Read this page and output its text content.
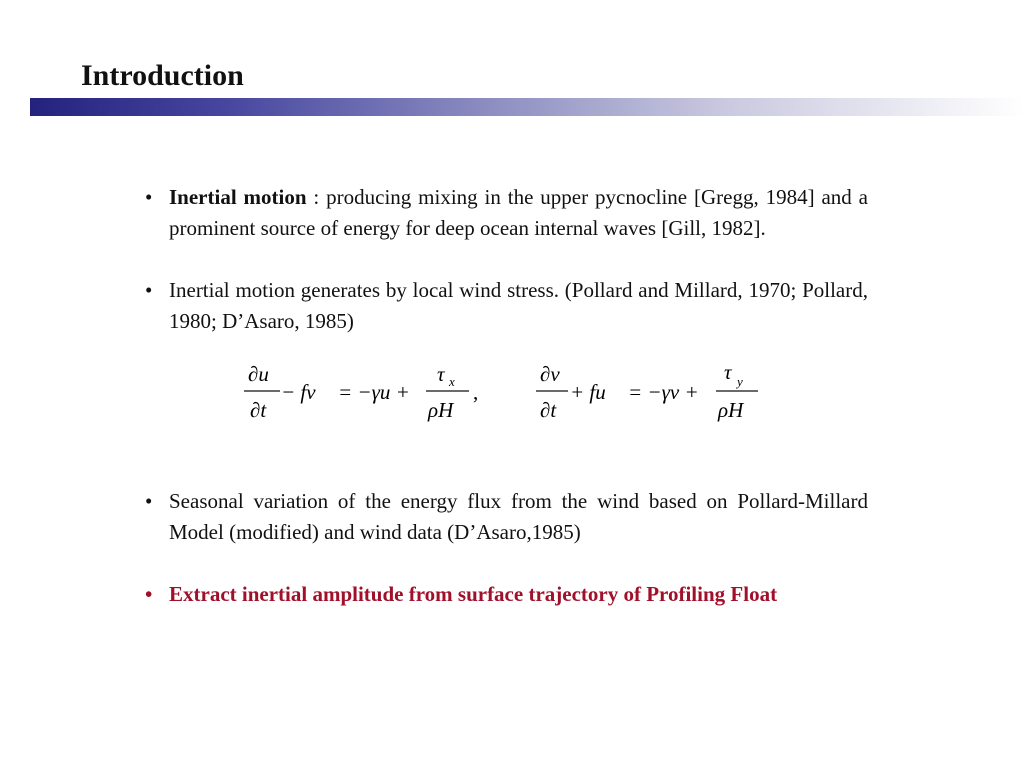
Introduction
• Inertial motion : producing mixing in the upper pycnocline [Gregg, 1984] and a prominent source of energy for deep ocean internal waves [Gill, 1982].
• Inertial motion generates by local wind stress. (Pollard and Millard, 1970; Pollard, 1980; D’Asaro, 1985)
∂u
∂t
− fv = −γu +
τ x
ρH
,
∂v
∂t
+ fu = −γv +
τ y
ρH
• Seasonal variation of the energy flux from the wind based on Pollard-Millard Model (modified) and wind data (D’Asaro,1985)
• Extract inertial amplitude from surface trajectory of Profiling Float
